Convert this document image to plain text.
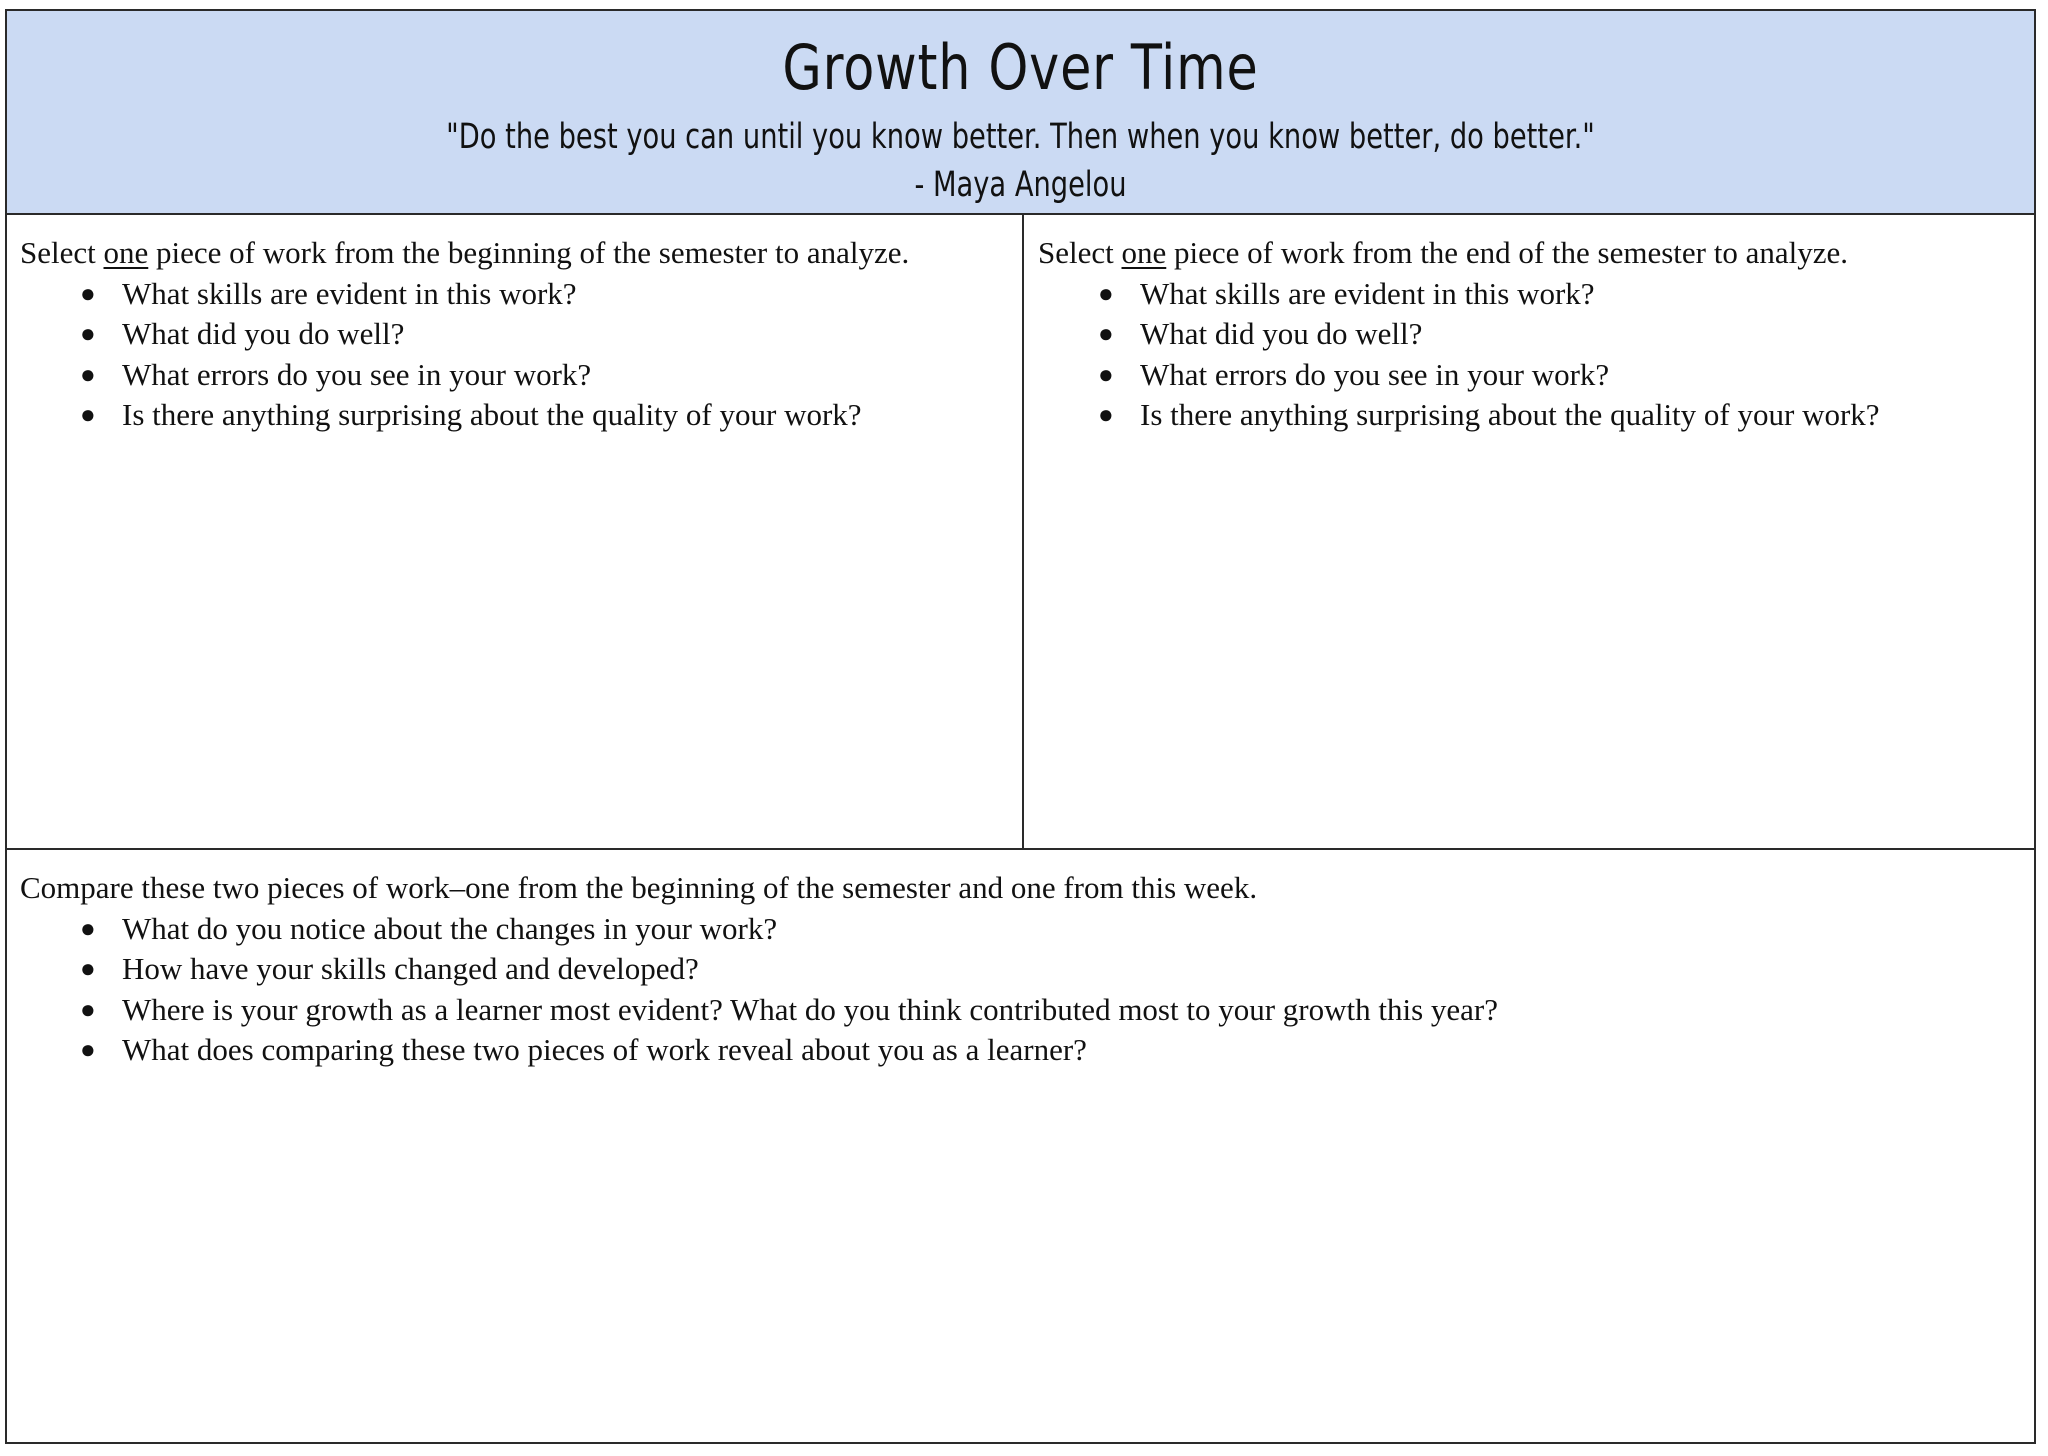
Growth Over Time
"Do the best you can until you know better. Then when you know better, do better."
- Maya Angelou

Select one piece of work from the beginning of the semester to analyze.

● What skills are evident in this work?
● What did you do well?
● What errors do you see in your work?
● Is there anything surprising about the quality of your work?

Select one piece of work from the end of the semester to analyze.

● What skills are evident in this work?
● What did you do well?
● What errors do you see in your work?
● Is there anything surprising about the quality of your work?

Compare these two pieces of work–one from the beginning of the semester and one from this week.

● What do you notice about the changes in your work?
● How have your skills changed and developed?
● Where is your growth as a learner most evident? What do you think contributed most to your growth this year?
● What does comparing these two pieces of work reveal about you as a learner?
